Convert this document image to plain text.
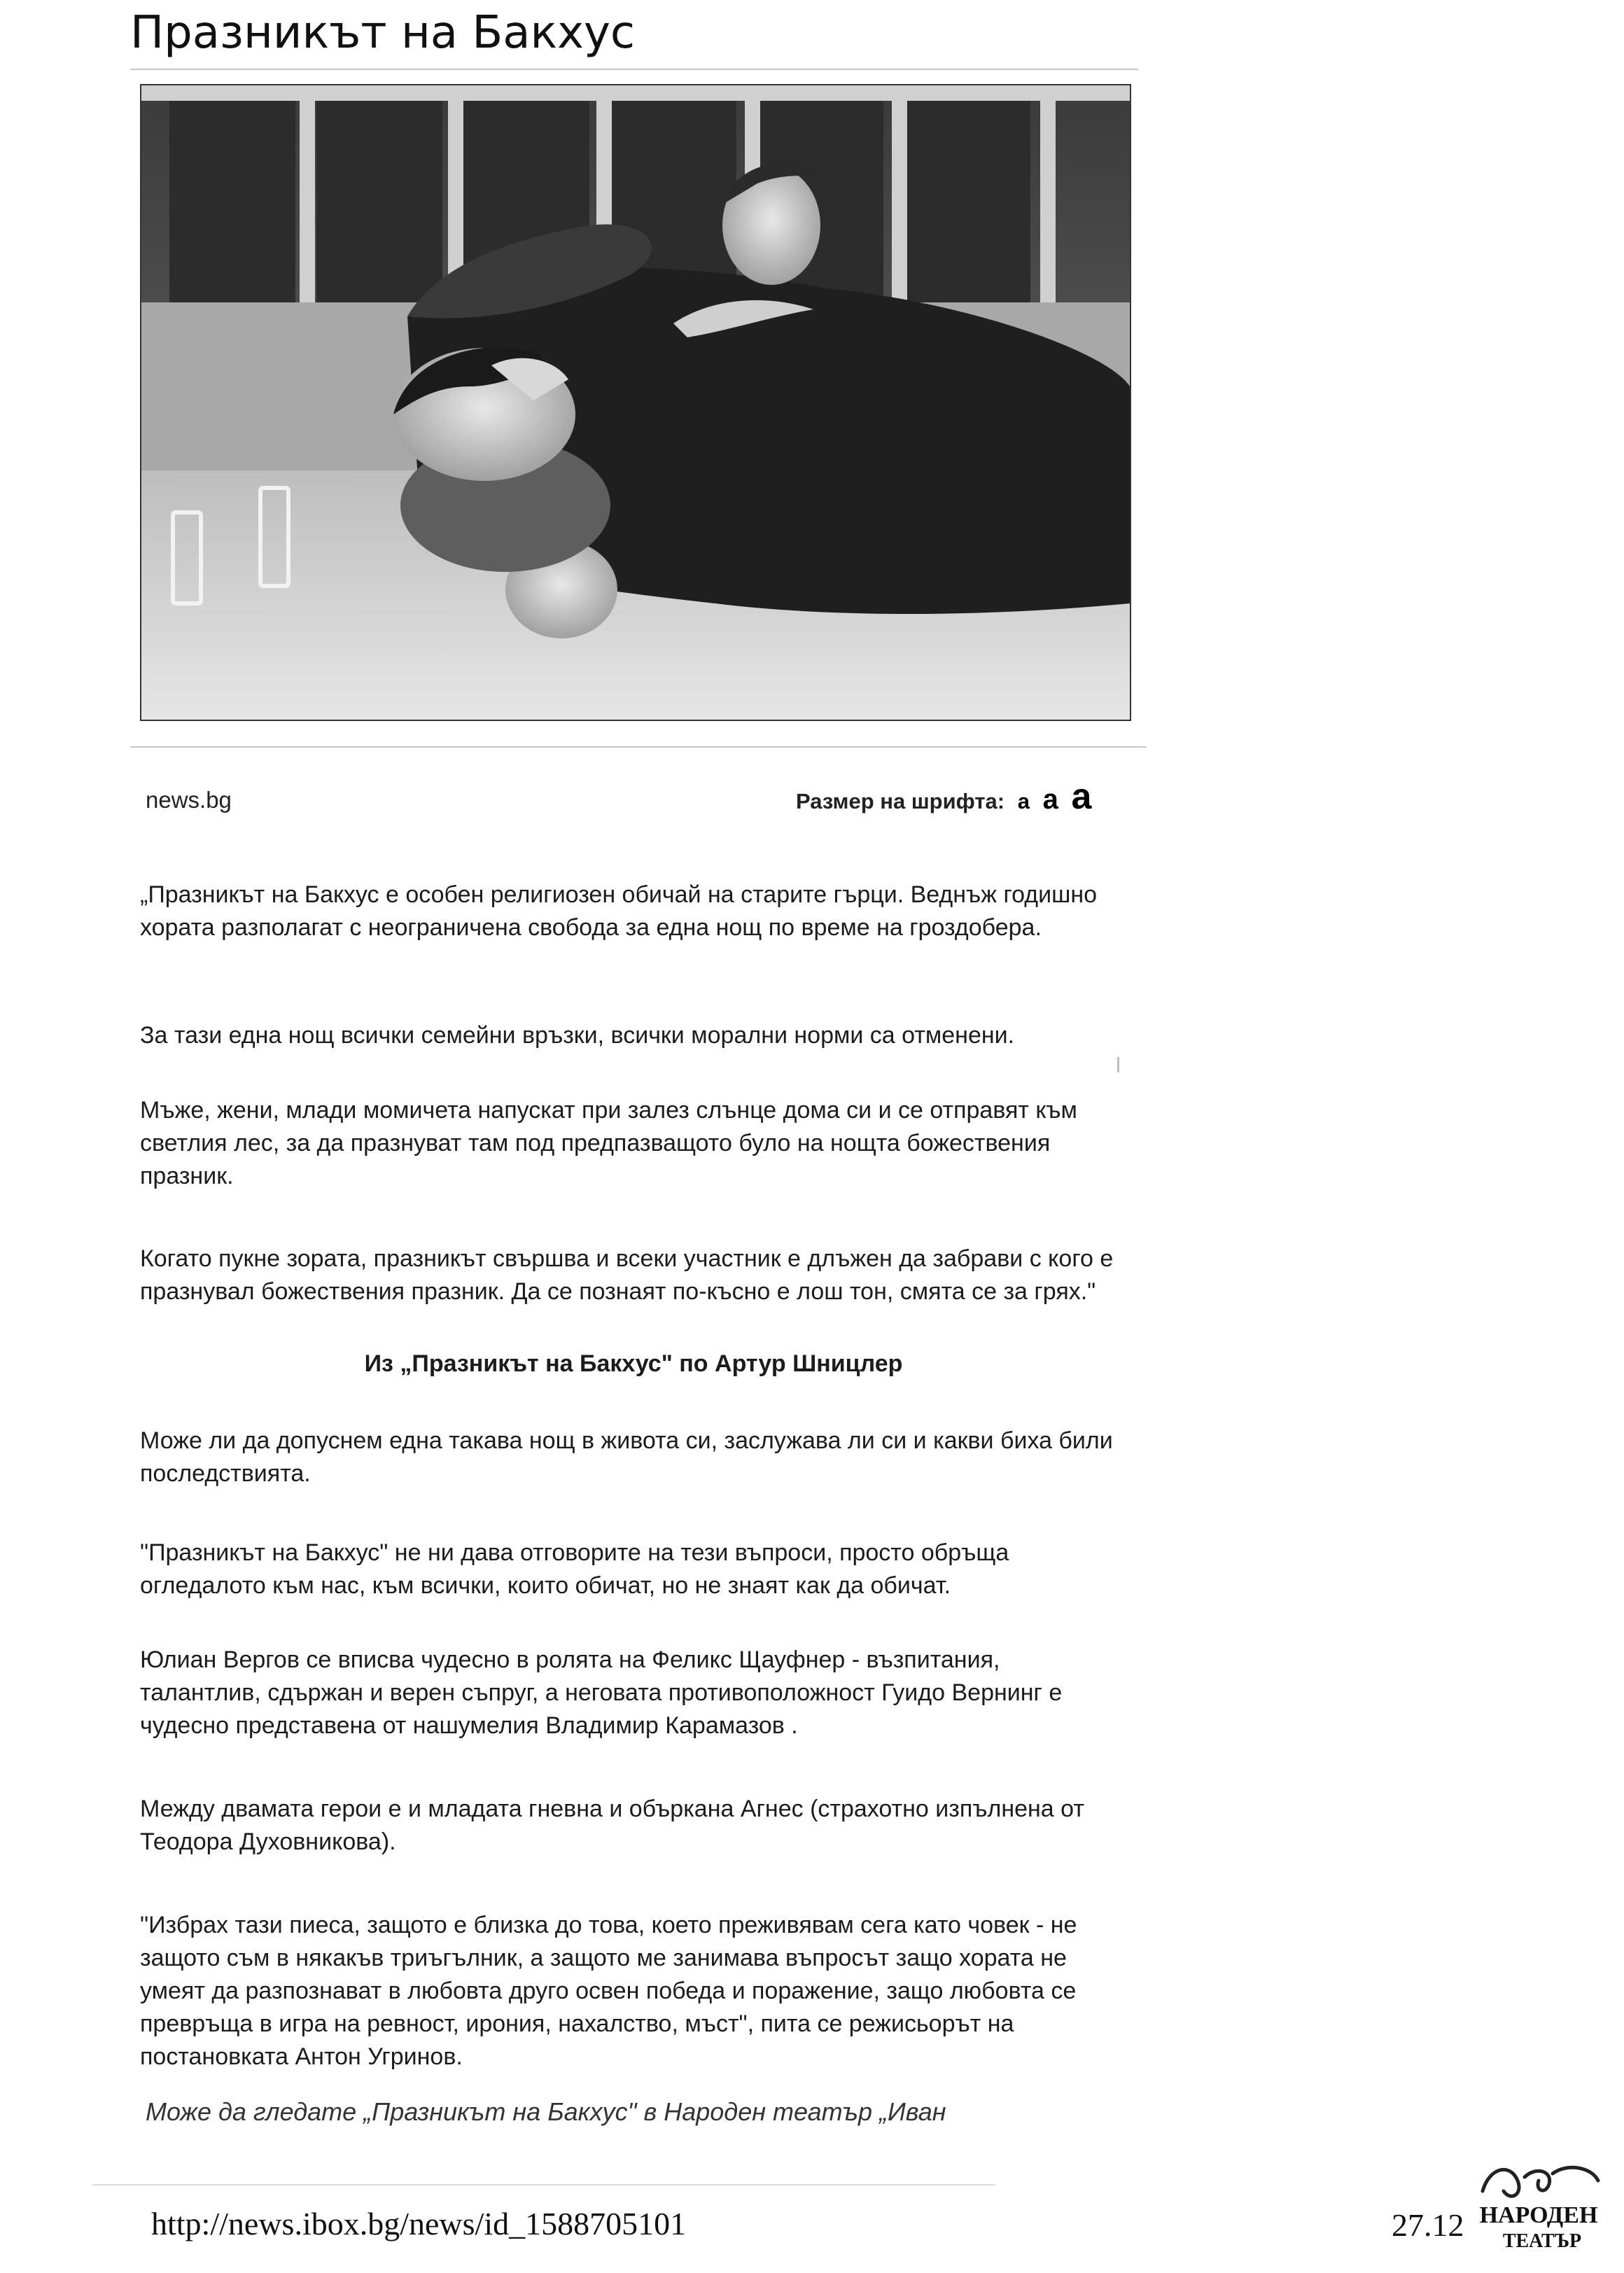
Празникът на Бакхус
news.bg	Размер на шрифта: a a a

„Празникът на Бакхус е особен религиозен обичай на старите гърци. Веднъж годишно хората разполагат с неограничена свобода за една нощ по време на гроздобера.

За тази една нощ всички семейни връзки, всички морални норми са отменени.

Мъже, жени, млади момичета напускат при залез слънце дома си и се отправят към светлия лес, за да празнуват там под предпазващото було на нощта божествения празник.

Когато пукне зората, празникът свършва и всеки участник е длъжен да забрави с кого е празнувал божествения празник. Да се познаят по-късно е лош тон, смята се за грях."

Из „Празникът на Бакхус" по Артур Шницлер

Може ли да допуснем една такава нощ в живота си, заслужава ли си и какви биха били последствията.

"Празникът на Бакхус" не ни дава отговорите на тези въпроси, просто обръща огледалото към нас, към всички, които обичат, но не знаят как да обичат.

Юлиан Вергов се вписва чудесно в ролята на Феликс Щауфнер - възпитания, талантлив, сдържан и верен съпруг, а неговата противоположност Гуидо Вернинг е чудесно представена от нашумелия Владимир Карамазов .

Между двамата герои е и младата гневна и объркана Агнес (страхотно изпълнена от Теодора Духовникова).

"Избрах тази пиеса, защото е близка до това, което преживявам сега като човек - не защото съм в някакъв триъгълник, а защото ме занимава въпросът защо хората не умеят да разпознават в любовта друго освен победа и поражение, защо любовта се превръща в игра на ревност, ирония, нахалство, мъст", пита се режисьорът на постановката Антон Угринов.

Може да гледате „Празникът на Бакхус" в Народен театър „Иван
http://news.ibox.bg/news/id_1588705101	27.12 НАРОДЕН
ТЕАТЪР
